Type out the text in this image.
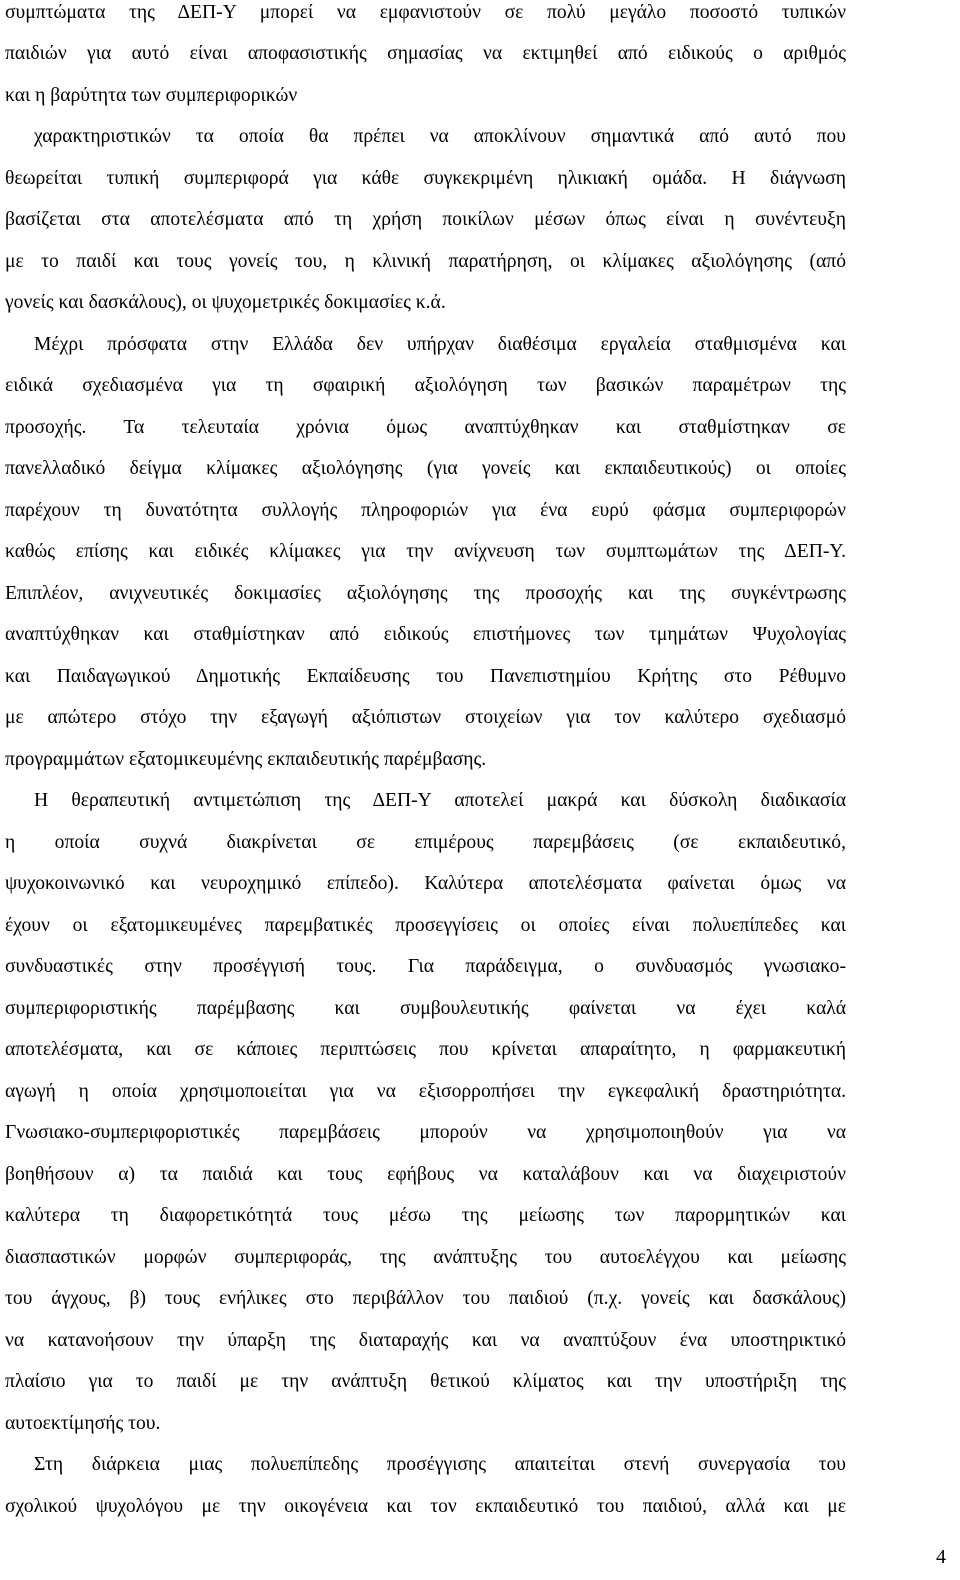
συμπτώματα της ΔΕΠ-Υ μπορεί να εμφανιστούν σε πολύ μεγάλο ποσοστό τυπικών
παιδιών για αυτό είναι αποφασιστικής σημασίας να εκτιμηθεί από ειδικούς ο αριθμός
και η βαρύτητα των συμπεριφορικών
χαρακτηριστικών τα οποία θα πρέπει να αποκλίνουν σημαντικά από αυτό που
θεωρείται τυπική συμπεριφορά για κάθε συγκεκριμένη ηλικιακή ομάδα. Η διάγνωση
βασίζεται στα αποτελέσματα από τη χρήση ποικίλων μέσων όπως είναι η συνέντευξη
με το παιδί και τους γονείς του, η κλινική παρατήρηση, οι κλίμακες αξιολόγησης (από
γονείς και δασκάλους), οι ψυχομετρικές δοκιμασίες κ.ά.
Μέχρι πρόσφατα στην Ελλάδα δεν υπήρχαν διαθέσιμα εργαλεία σταθμισμένα και
ειδικά σχεδιασμένα για τη σφαιρική αξιολόγηση των βασικών παραμέτρων της
προσοχής. Τα τελευταία χρόνια όμως αναπτύχθηκαν και σταθμίστηκαν σε
πανελλαδικό δείγμα κλίμακες αξιολόγησης (για γονείς και εκπαιδευτικούς) οι οποίες
παρέχουν τη δυνατότητα συλλογής πληροφοριών για ένα ευρύ φάσμα συμπεριφορών
καθώς επίσης και ειδικές κλίμακες για την ανίχνευση των συμπτωμάτων της ΔΕΠ-Υ.
Επιπλέον, ανιχνευτικές δοκιμασίες αξιολόγησης της προσοχής και της συγκέντρωσης
αναπτύχθηκαν και σταθμίστηκαν από ειδικούς επιστήμονες των τμημάτων Ψυχολογίας
και Παιδαγωγικού Δημοτικής Εκπαίδευσης του Πανεπιστημίου Κρήτης στο Ρέθυμνο
με απώτερο στόχο την εξαγωγή αξιόπιστων στοιχείων για τον καλύτερο σχεδιασμό
προγραμμάτων εξατομικευμένης εκπαιδευτικής παρέμβασης.
Η θεραπευτική αντιμετώπιση της ΔΕΠ-Υ αποτελεί μακρά και δύσκολη διαδικασία
η οποία συχνά διακρίνεται σε επιμέρους παρεμβάσεις (σε εκπαιδευτικό,
ψυχοκοινωνικό και νευροχημικό επίπεδο). Καλύτερα αποτελέσματα φαίνεται όμως να
έχουν οι εξατομικευμένες παρεμβατικές προσεγγίσεις οι οποίες είναι πολυεπίπεδες και
συνδυαστικές στην προσέγγισή τους. Για παράδειγμα, ο συνδυασμός γνωσιακο-
συμπεριφοριστικής παρέμβασης και συμβουλευτικής φαίνεται να έχει καλά
αποτελέσματα, και σε κάποιες περιπτώσεις που κρίνεται απαραίτητο, η φαρμακευτική
αγωγή η οποία χρησιμοποιείται για να εξισορροπήσει την εγκεφαλική δραστηριότητα.
Γνωσιακο-συμπεριφοριστικές παρεμβάσεις μπορούν να χρησιμοποιηθούν για να
βοηθήσουν α) τα παιδιά και τους εφήβους να καταλάβουν και να διαχειριστούν
καλύτερα τη διαφορετικότητά τους μέσω της μείωσης των παρορμητικών και
διασπαστικών μορφών συμπεριφοράς, της ανάπτυξης του αυτοελέγχου και μείωσης
του άγχους, β) τους ενήλικες στο περιβάλλον του παιδιού (π.χ. γονείς και δασκάλους)
να κατανοήσουν την ύπαρξη της διαταραχής και να αναπτύξουν ένα υποστηρικτικό
πλαίσιο για το παιδί με την ανάπτυξη θετικού κλίματος και την υποστήριξη της
αυτοεκτίμησής του.
Στη διάρκεια μιας πολυεπίπεδης προσέγγισης απαιτείται στενή συνεργασία του
σχολικού ψυχολόγου με την οικογένεια και τον εκπαιδευτικό του παιδιού, αλλά και με
4
